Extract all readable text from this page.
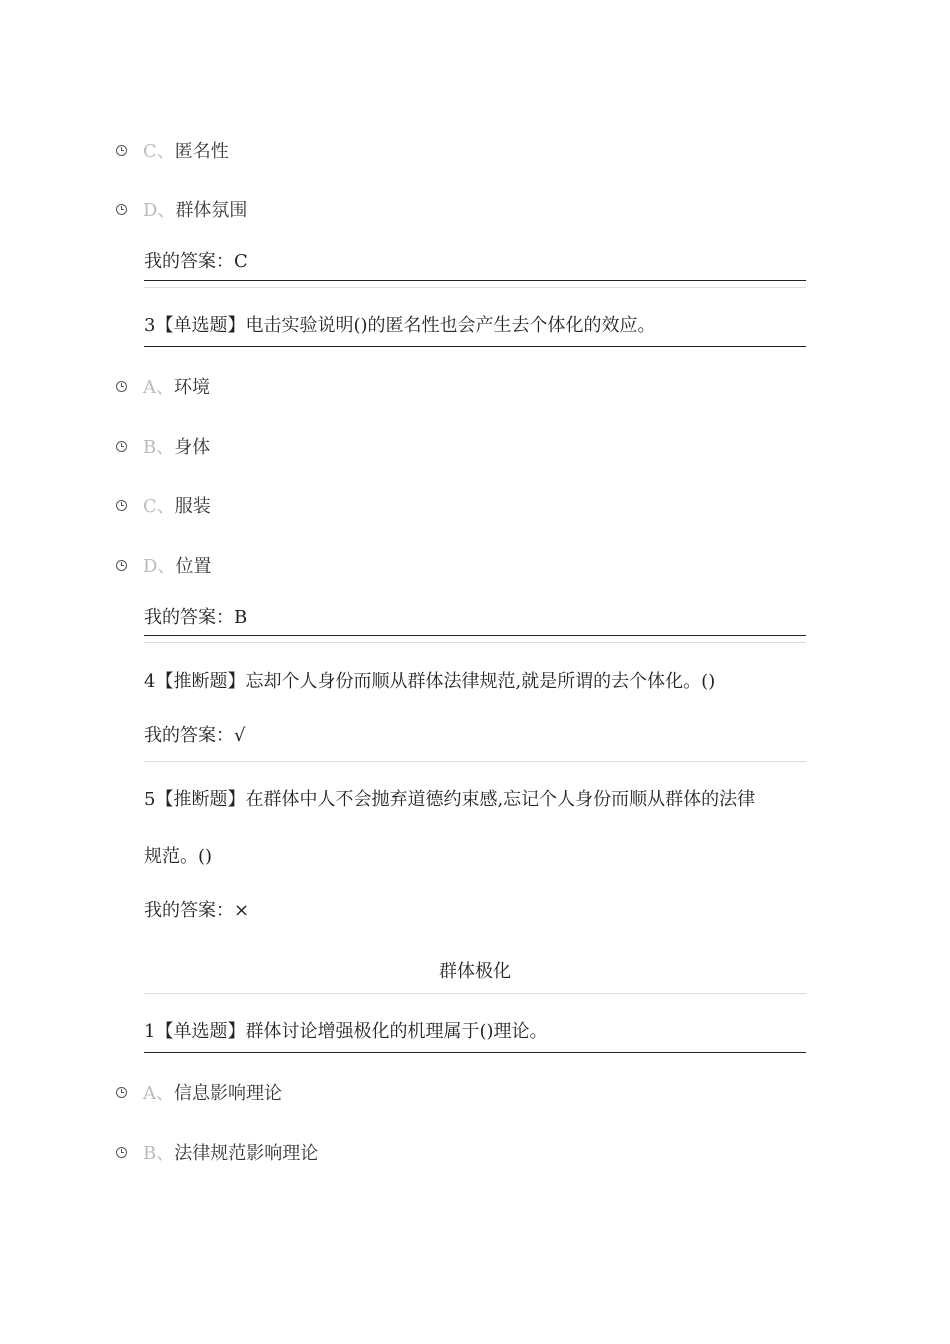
C、 匿名性
D、 群体氛围
我的答案：C
3【单选题】电击实验说明()的匿名性也会产生去个体化的效应。
A、 环境
B、 身体
C、 服装
D、 位置
我的答案：B
4【推断题】忘却个人身份而顺从群体法律规范,就是所谓的去个体化。()
我的答案：√
5【推断题】在群体中人不会抛弃道德约束感,忘记个人身份而顺从群体的法律
规范。()
我的答案：×
群体极化
1【单选题】群体讨论增强极化的机理属于()理论。
A、 信息影响理论
B、 法律规范影响理论
